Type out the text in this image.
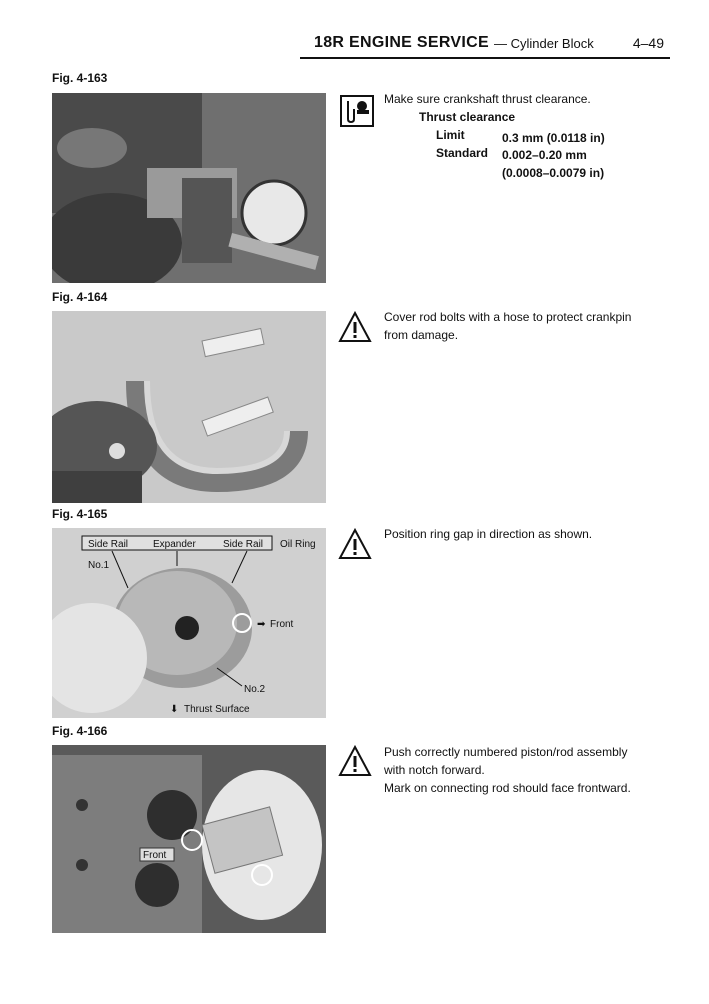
18R ENGINE SERVICE — Cylinder Block	4–49
Fig. 4-163
Make sure crankshaft thrust clearance.
Thrust clearance
Limit	0.3 mm (0.0118 in)
Standard 0.002–0.20 mm
(0.0008–0.0079 in)
Fig. 4-164
Cover rod bolts with a hose to protect crankpin
from damage.
Fig. 4-165
Side Rail Expander	Side Rail Oil Ring
No.1
➡ Front
No.2
⬇ Thrust Surface
Position ring gap in direction as shown.
Fig. 4-166
Front
Push correctly numbered piston/rod assembly
with notch forward.
Mark on connecting rod should face frontward.
